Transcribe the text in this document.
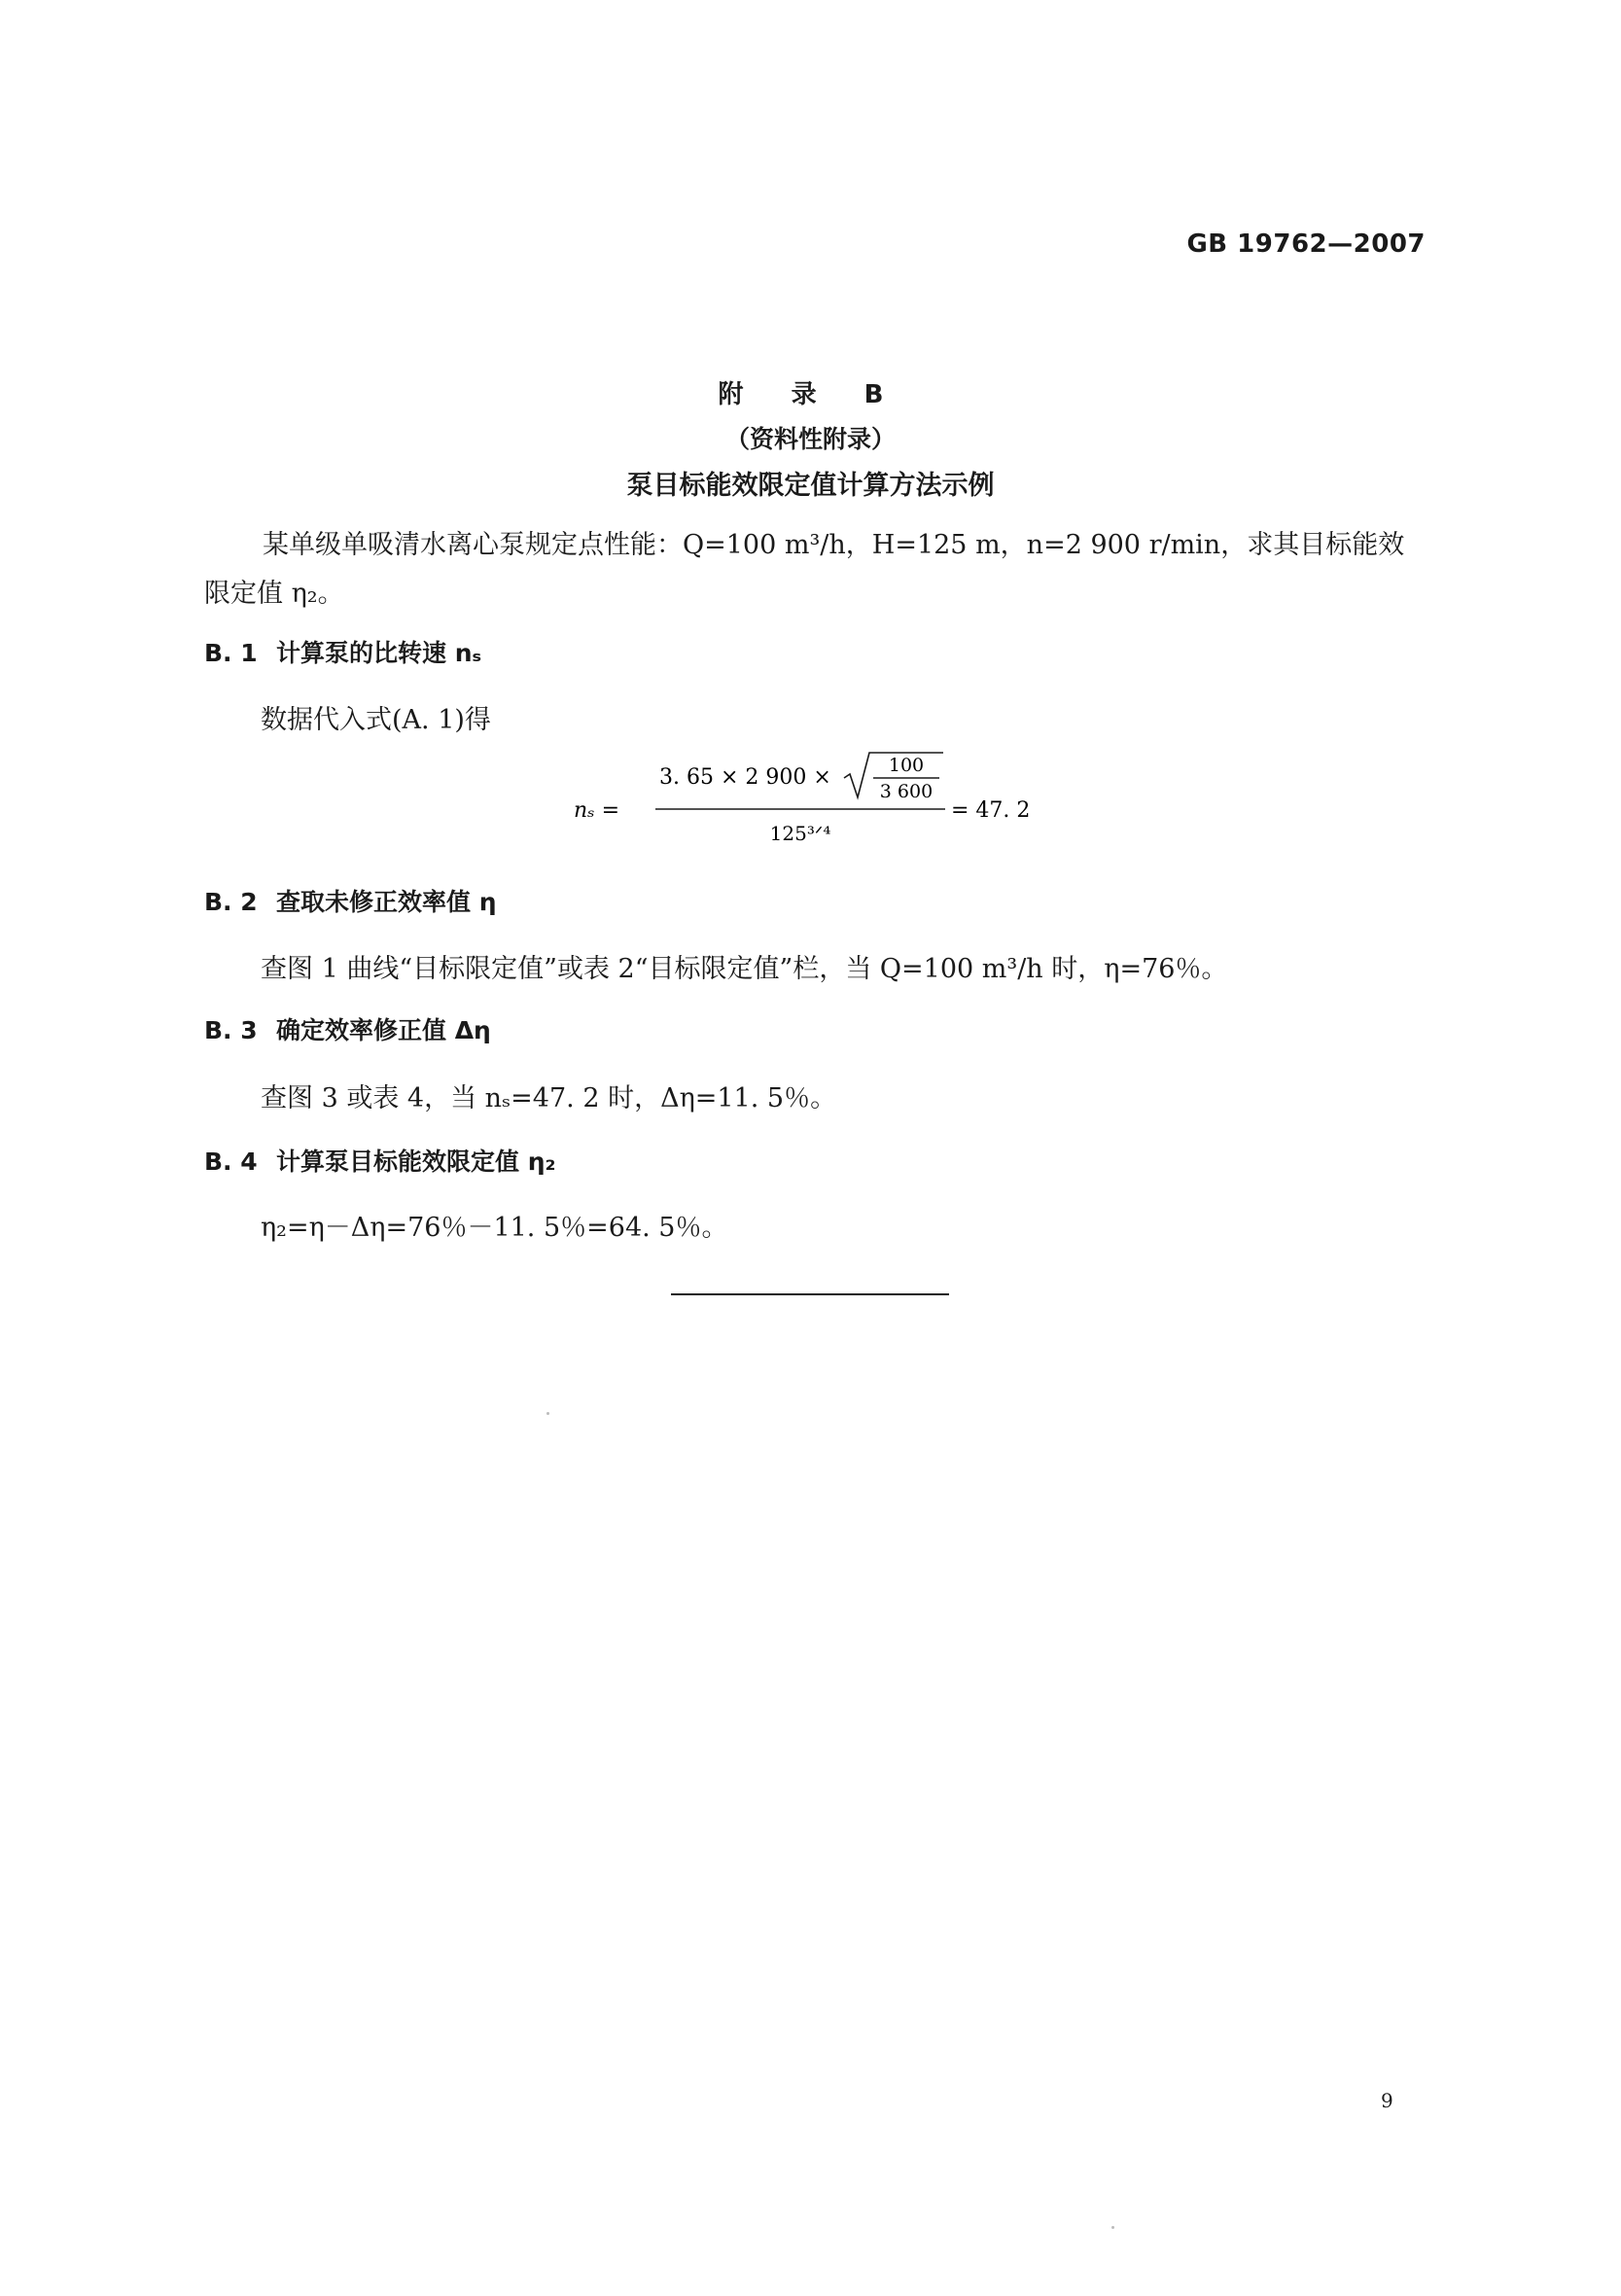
GB 19762—2007
附 录 B
（资料性附录）
泵目标能效限定值计算方法示例
某单级单吸清水离心泵规定点性能：Q=100 m³/h，H=125 m，n=2 900 r/min，求其目标能效限定值 η₂。
B. 1 计算泵的比转速 nₛ
数据代入式(A. 1)得
nₛ =
3. 65 × 2 900 ×	100
3 600
125³ᐟ⁴
= 47. 2
B. 2 查取未修正效率值 η
查图 1 曲线“目标限定值”或表 2“目标限定值”栏，当 Q=100 m³/h 时，η=76％。
B. 3 确定效率修正值 Δη
查图 3 或表 4，当 nₛ=47. 2 时，Δη=11. 5％。
B. 4 计算泵目标能效限定值 η₂
η₂=η－Δη=76％－11. 5％=64. 5％。
9
